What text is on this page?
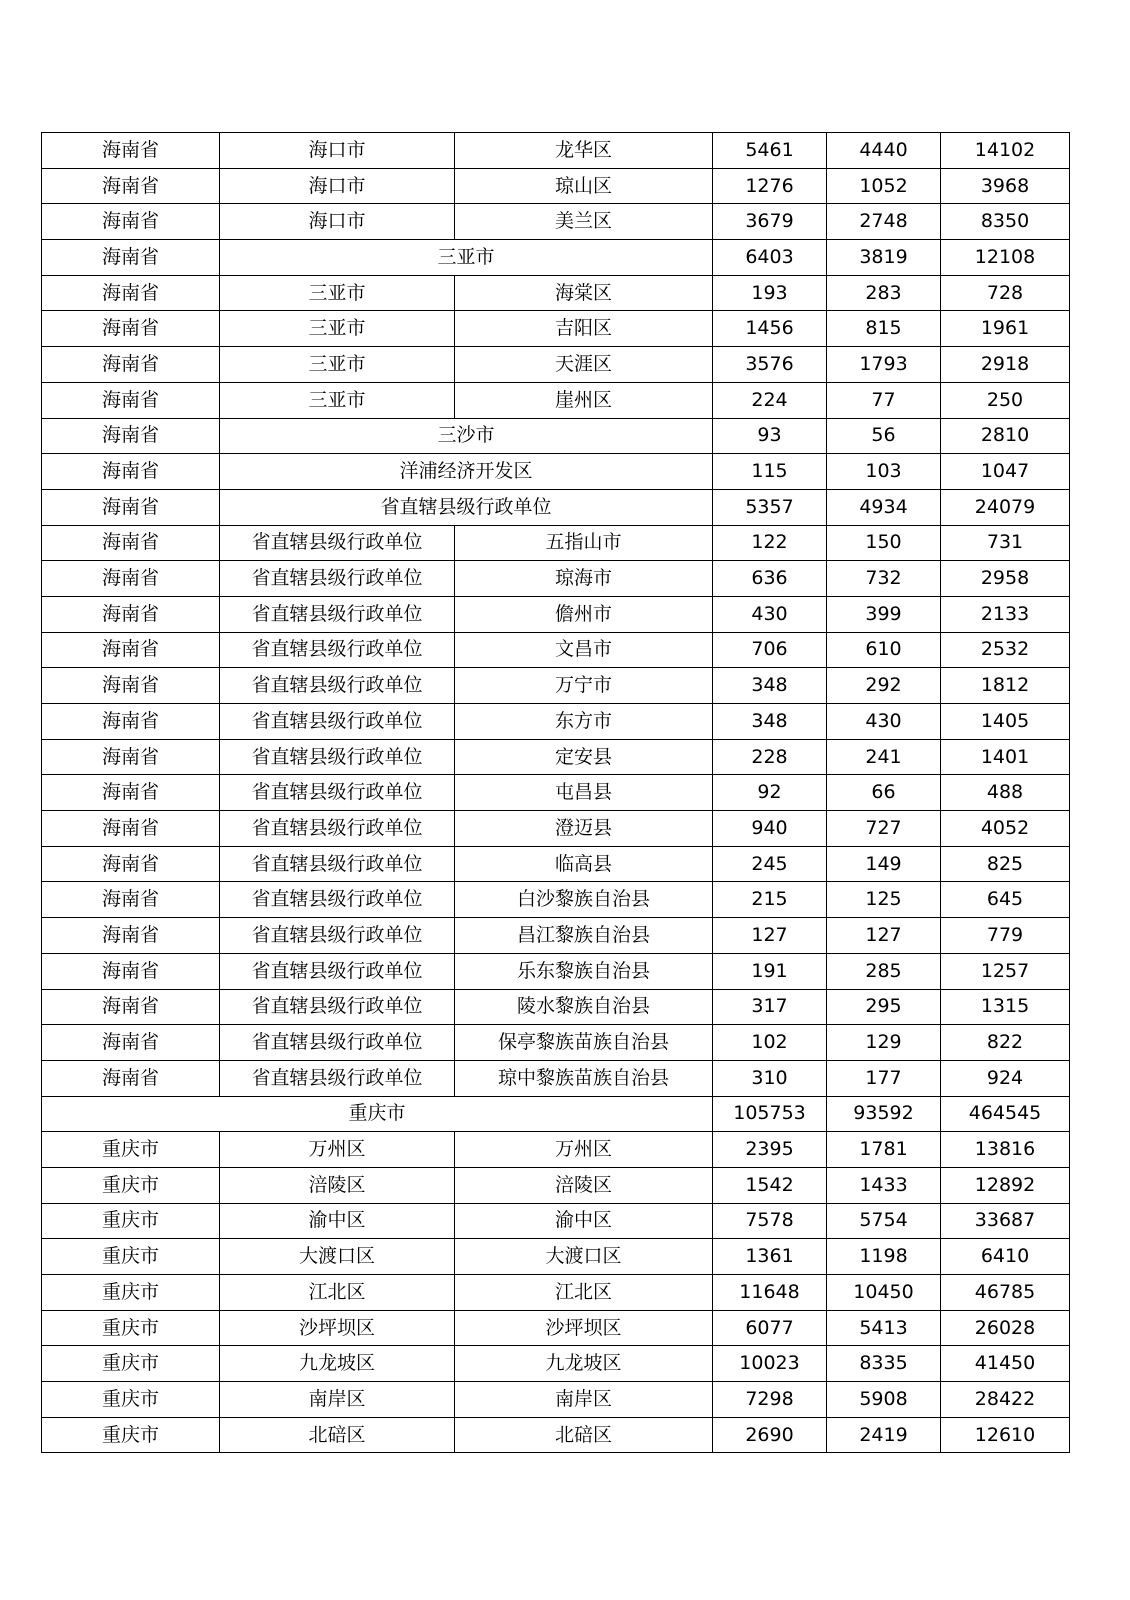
海南省	海口市	龙华区	5461	4440	14102
海南省	海口市	琼山区	1276	1052	3968
海南省	海口市	美兰区	3679	2748	8350
海南省	三亚市		6403	3819	12108
海南省	三亚市	海棠区	193	283	728
海南省	三亚市	吉阳区	1456	815	1961
海南省	三亚市	天涯区	3576	1793	2918
海南省	三亚市	崖州区	224	77	250
海南省	三沙市		93	56	2810
海南省	洋浦经济开发区		115	103	1047
海南省	省直辖县级行政单位		5357	4934	24079
海南省	省直辖县级行政单位	五指山市	122	150	731
海南省	省直辖县级行政单位	琼海市	636	732	2958
海南省	省直辖县级行政单位	儋州市	430	399	2133
海南省	省直辖县级行政单位	文昌市	706	610	2532
海南省	省直辖县级行政单位	万宁市	348	292	1812
海南省	省直辖县级行政单位	东方市	348	430	1405
海南省	省直辖县级行政单位	定安县	228	241	1401
海南省	省直辖县级行政单位	屯昌县	92	66	488
海南省	省直辖县级行政单位	澄迈县	940	727	4052
海南省	省直辖县级行政单位	临高县	245	149	825
海南省	省直辖县级行政单位	白沙黎族自治县	215	125	645
海南省	省直辖县级行政单位	昌江黎族自治县	127	127	779
海南省	省直辖县级行政单位	乐东黎族自治县	191	285	1257
海南省	省直辖县级行政单位	陵水黎族自治县	317	295	1315
海南省	省直辖县级行政单位	保亭黎族苗族自治县	102	129	822
海南省	省直辖县级行政单位	琼中黎族苗族自治县	310	177	924
重庆市			105753	93592	464545
重庆市	万州区	万州区	2395	1781	13816
重庆市	涪陵区	涪陵区	1542	1433	12892
重庆市	渝中区	渝中区	7578	5754	33687
重庆市	大渡口区	大渡口区	1361	1198	6410
重庆市	江北区	江北区	11648	10450	46785
重庆市	沙坪坝区	沙坪坝区	6077	5413	26028
重庆市	九龙坡区	九龙坡区	10023	8335	41450
重庆市	南岸区	南岸区	7298	5908	28422
重庆市	北碚区	北碚区	2690	2419	12610
